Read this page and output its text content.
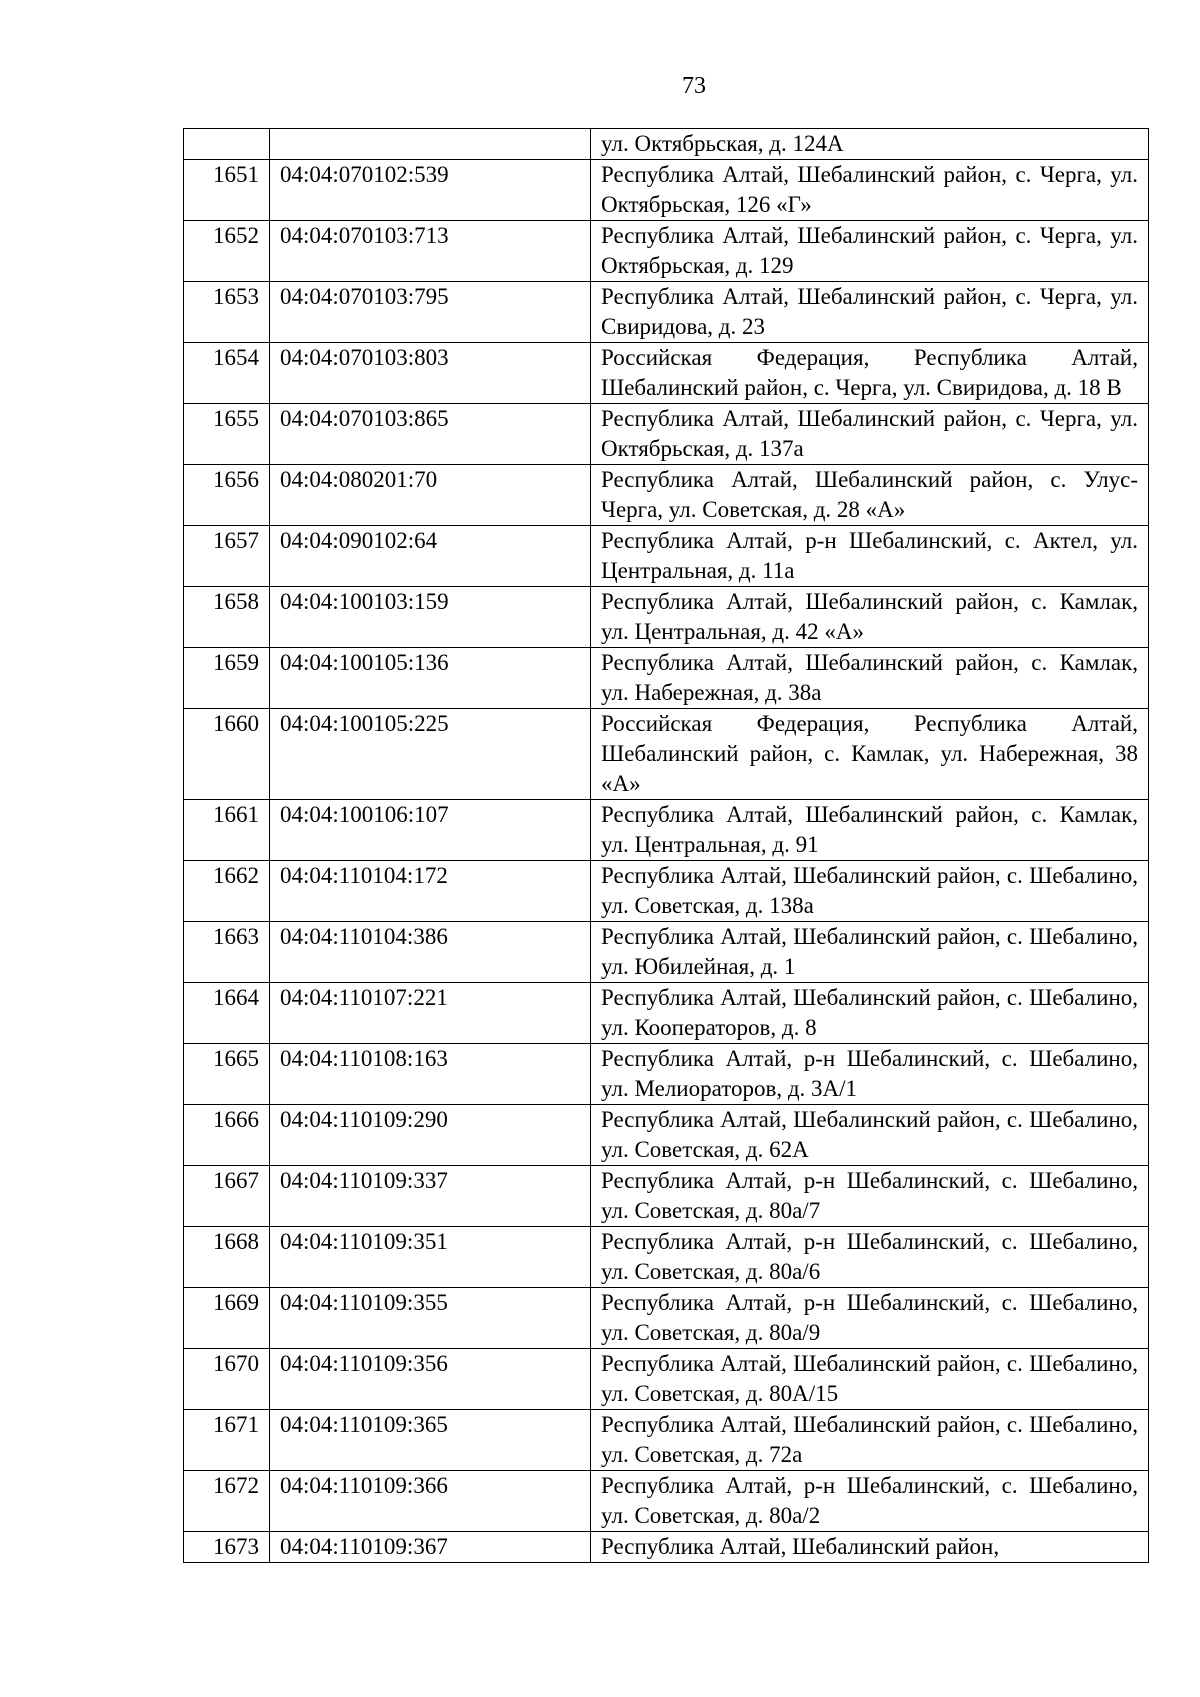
73
		ул. Октябрьская, д. 124А
1651	04:04:070102:539	Республика Алтай, Шебалинский район, с. Черга, ул. Октябрьская, 126 «Г»
1652	04:04:070103:713	Республика Алтай, Шебалинский район, с. Черга, ул. Октябрьская, д. 129
1653	04:04:070103:795	Республика Алтай, Шебалинский район, с. Черга, ул. Свиридова, д. 23
1654	04:04:070103:803	Российская Федерация, Республика Алтай, Шебалинский район, с. Черга, ул. Свиридова, д. 18 В
1655	04:04:070103:865	Республика Алтай, Шебалинский район, с. Черга, ул. Октябрьская, д. 137а
1656	04:04:080201:70	Республика Алтай, Шебалинский район, с. Улус-Черга, ул. Советская, д. 28 «А»
1657	04:04:090102:64	Республика Алтай, р-н Шебалинский, с. Актел, ул. Центральная, д. 11а
1658	04:04:100103:159	Республика Алтай, Шебалинский район, с. Камлак, ул. Центральная, д. 42 «А»
1659	04:04:100105:136	Республика Алтай, Шебалинский район, с. Камлак, ул. Набережная, д. 38а
1660	04:04:100105:225	Российская Федерация, Республика Алтай, Шебалинский район, с. Камлак, ул. Набережная, 38 «А»
1661	04:04:100106:107	Республика Алтай, Шебалинский район, с. Камлак, ул. Центральная, д. 91
1662	04:04:110104:172	Республика Алтай, Шебалинский район, с. Шебалино, ул. Советская, д. 138а
1663	04:04:110104:386	Республика Алтай, Шебалинский район, с. Шебалино, ул. Юбилейная, д. 1
1664	04:04:110107:221	Республика Алтай, Шебалинский район, с. Шебалино, ул. Кооператоров, д. 8
1665	04:04:110108:163	Республика Алтай, р-н Шебалинский, с. Шебалино, ул. Мелиораторов, д. 3А/1
1666	04:04:110109:290	Республика Алтай, Шебалинский район, с. Шебалино, ул. Советская, д. 62А
1667	04:04:110109:337	Республика Алтай, р-н Шебалинский, с. Шебалино, ул. Советская, д. 80а/7
1668	04:04:110109:351	Республика Алтай, р-н Шебалинский, с. Шебалино, ул. Советская, д. 80а/6
1669	04:04:110109:355	Республика Алтай, р-н Шебалинский, с. Шебалино, ул. Советская, д. 80а/9
1670	04:04:110109:356	Республика Алтай, Шебалинский район, с. Шебалино, ул. Советская, д. 80А/15
1671	04:04:110109:365	Республика Алтай, Шебалинский район, с. Шебалино, ул. Советская, д. 72а
1672	04:04:110109:366	Республика Алтай, р-н Шебалинский, с. Шебалино, ул. Советская, д. 80а/2
1673	04:04:110109:367	Республика Алтай, Шебалинский район,
